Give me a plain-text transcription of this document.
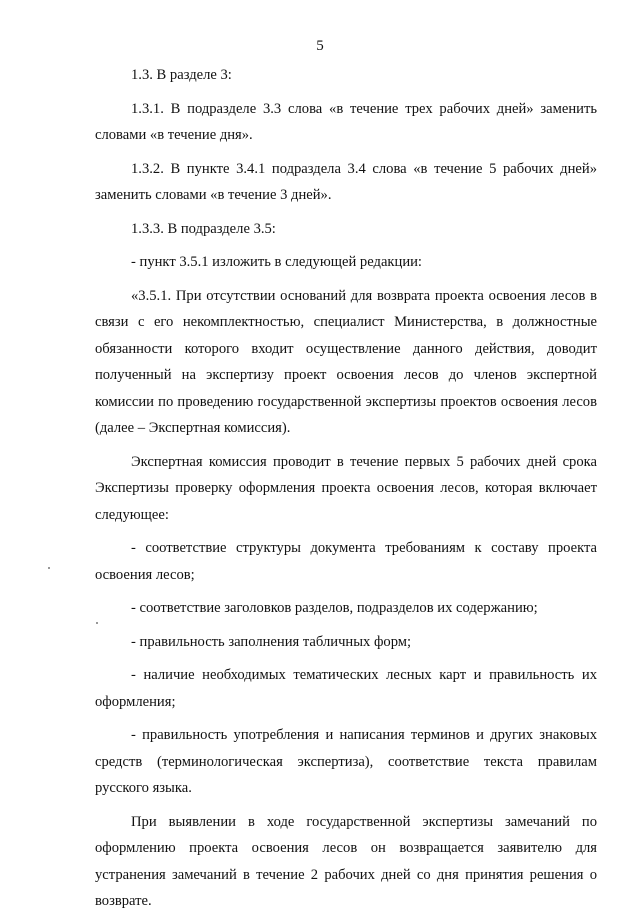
5

1.3. В разделе 3:

1.3.1. В подразделе 3.3 слова «в течение трех рабочих дней» заменить словами «в течение дня».

1.3.2. В пункте 3.4.1 подраздела 3.4 слова «в течение 5 рабочих дней» заменить словами «в течение 3 дней».

1.3.3. В подразделе 3.5:

- пункт 3.5.1 изложить в следующей редакции:

«3.5.1. При отсутствии оснований для возврата проекта освоения лесов в связи с его некомплектностью, специалист Министерства, в должностные обязанности которого входит осуществление данного действия, доводит полученный на экспертизу проект освоения лесов до членов экспертной комиссии по проведению государственной экспертизы проектов освоения лесов (далее – Экспертная комиссия).

Экспертная комиссия проводит в течение первых 5 рабочих дней срока Экспертизы проверку оформления проекта освоения лесов, которая включает следующее:

- соответствие структуры документа требованиям к составу проекта освоения лесов;

- соответствие заголовков разделов, подразделов их содержанию;

- правильность заполнения табличных форм;

- наличие необходимых тематических лесных карт и правильность их оформления;

- правильность употребления и написания терминов и других знаковых средств (терминологическая экспертиза), соответствие текста правилам русского языка.

При выявлении в ходе государственной экспертизы замечаний по оформлению проекта освоения лесов он возвращается заявителю для устранения замечаний в течение 2 рабочих дней со дня принятия решения о возврате.
